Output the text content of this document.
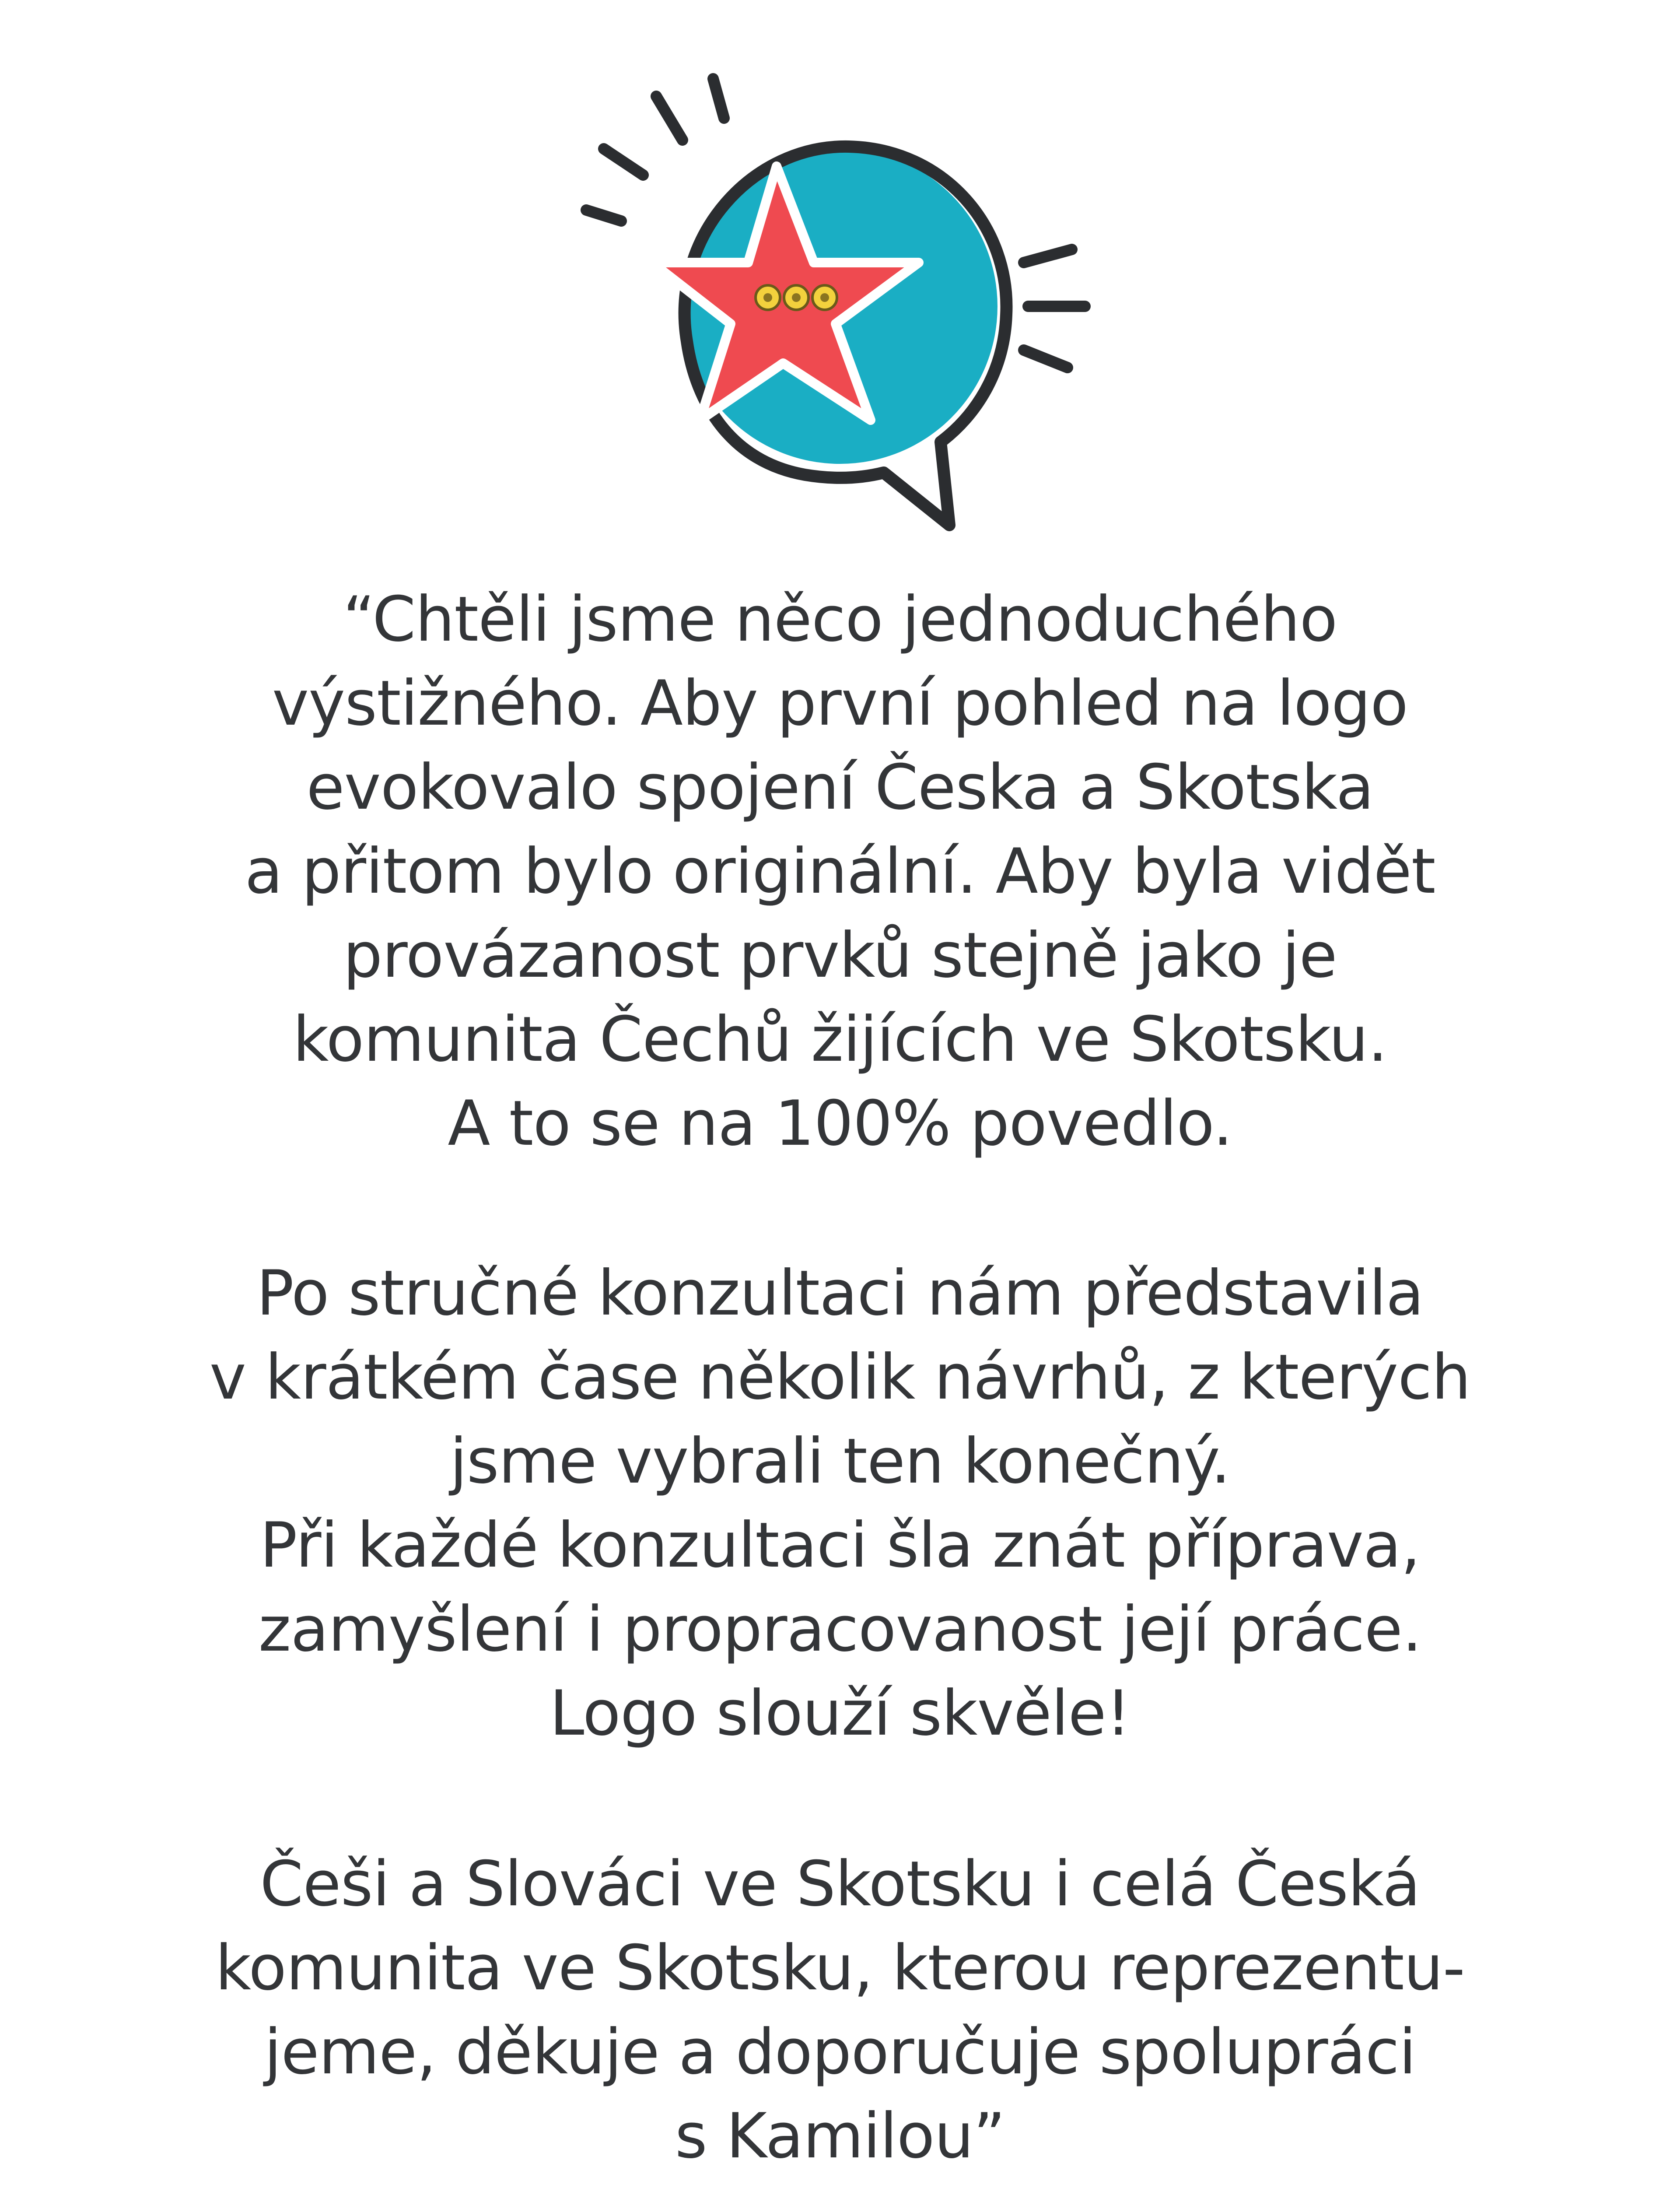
“Chtěli jsme něco jednoduchého
výstižného. Aby první pohled na logo
evokovalo spojení Česka a Skotska
a přitom bylo originální. Aby byla vidět
provázanost prvků stejně jako je
komunita Čechů žijících ve Skotsku.
A to se na 100% povedlo.

Po stručné konzultaci nám představila
v krátkém čase několik návrhů, z kterých
jsme vybrali ten konečný.
Při každé konzultaci šla znát příprava,
zamyšlení i propracovanost její práce.
Logo slouží skvěle!

Češi a Slováci ve Skotsku i celá Česká
komunita ve Skotsku, kterou reprezentu-
jeme, děkuje a doporučuje spolupráci
s Kamilou”
